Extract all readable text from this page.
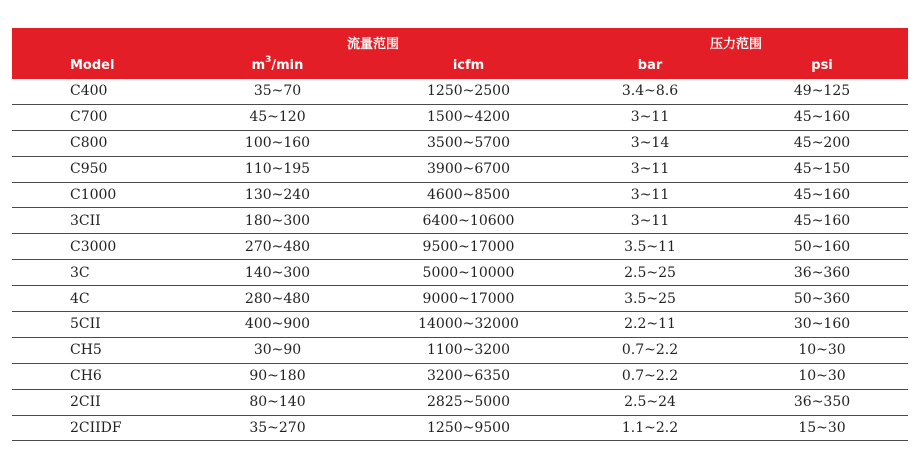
	流量范围		压力范围	
Model	$m^3/\min$	icfm	bar	psi
C400	35~70	1250~2500	3.4~8.6	49~125
C700	45~120	1500~4200	3~11	45~160
C800	100~160	3500~5700	3~14	45~200
C950	110~195	3900~6700	3~11	45~150
C1000	130~240	4600~8500	3~11	45~160
3CII	180~300	6400~10600	3~11	45~160
C3000	270~480	9500~17000	3.5~11	50~160
3C	140~300	5000~10000	2.5~25	36~360
4C	280~480	9000~17000	3.5~25	50~360
5CII	400~900	14000~32000	2.2~11	30~160
CH5	30~90	1100~3200	0.7~2.2	10~30
CH6	90~180	3200~6350	0.7~2.2	10~30
2CII	80~140	2825~5000	2.5~24	36~350
2CIIDF	35~270	1250~9500	1.1~2.2	15~30
